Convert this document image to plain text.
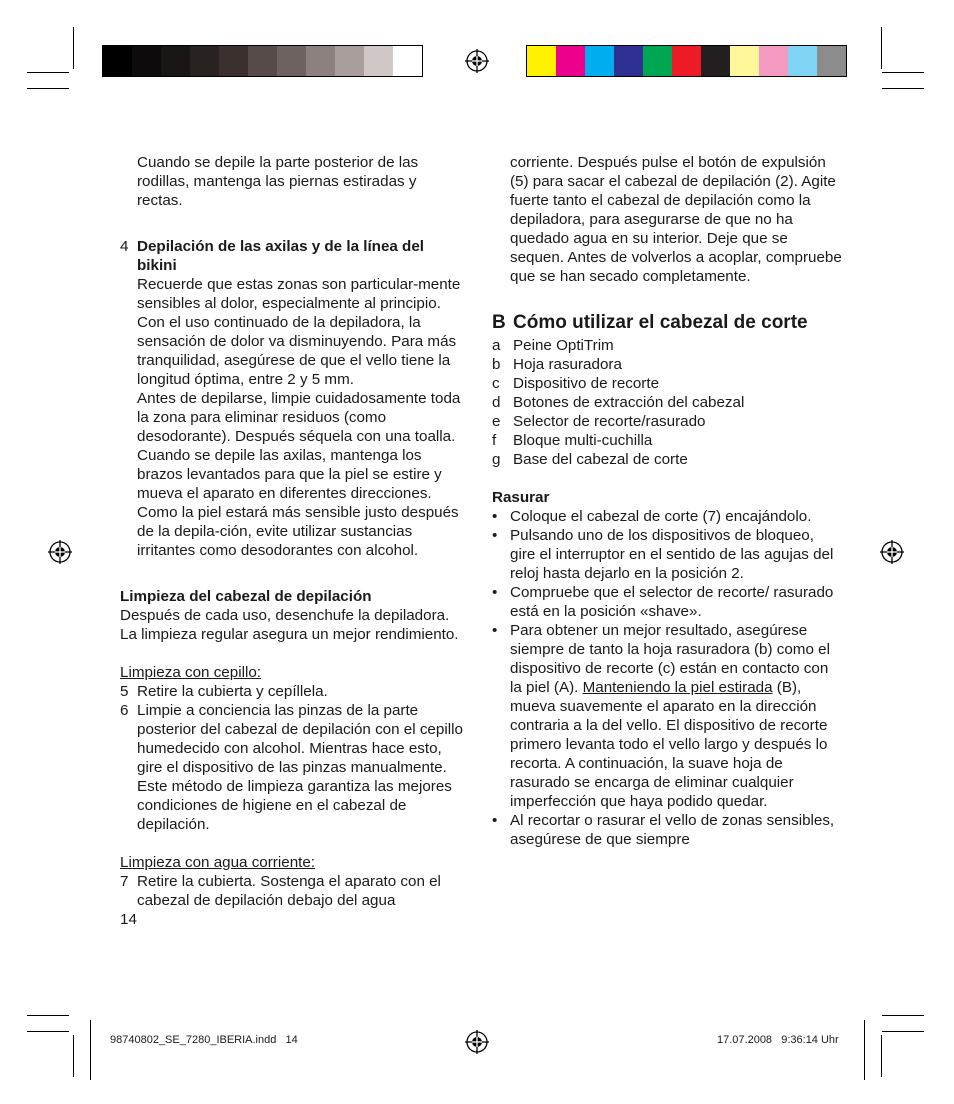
Cuando se depile la parte posterior de las rodillas, mantenga las piernas estiradas y rectas.

4 Depilación de las axilas y de la línea del bikini

Recuerde que estas zonas son particular-mente sensibles al dolor, especialmente al principio. Con el uso continuado de la depiladora, la sensación de dolor va disminuyendo. Para más tranquilidad, asegúrese de que el vello tiene la longitud óptima, entre 2 y 5 mm.

Antes de depilarse, limpie cuidadosamente toda la zona para eliminar residuos (como desodorante). Después séquela con una toalla. Cuando se depile las axilas, mantenga los brazos levantados para que la piel se estire y mueva el aparato en diferentes direcciones. Como la piel estará más sensible justo después de la depila-ción, evite utilizar sustancias irritantes como desodorantes con alcohol.

Limpieza del cabezal de depilación

Después de cada uso, desenchufe la depiladora. La limpieza regular asegura un mejor rendimiento.

Limpieza con cepillo:

5 Retire la cubierta y cepíllela.
6 Limpie a conciencia las pinzas de la parte posterior del cabezal de depilación con el cepillo humedecido con alcohol. Mientras hace esto, gire el dispositivo de las pinzas manualmente. Este método de limpieza garantiza las mejores condiciones de higiene en el cabezal de depilación.

Limpieza con agua corriente:

7 Retire la cubierta. Sostenga el aparato con el cabezal de depilación debajo del agua

14

corriente. Después pulse el botón de expulsión (5) para sacar el cabezal de depilación (2). Agite fuerte tanto el cabezal de depilación como la depiladora, para asegurarse de que no ha quedado agua en su interior. Deje que se sequen. Antes de volverlos a acoplar, compruebe que se han secado completamente.

B Cómo utilizar el cabezal de corte
a Peine OptiTrim
b Hoja rasuradora
c Dispositivo de recorte
d Botones de extracción del cabezal
e Selector de recorte/rasurado
f	Bloque multi-cuchilla
g Base del cabezal de corte

Rasurar

• Coloque el cabezal de corte (7) encajándolo.
• Pulsando uno de los dispositivos de bloqueo, gire el interruptor en el sentido de las agujas del reloj hasta dejarlo en la posición 2.
• Compruebe que el selector de recorte/ rasurado está en la posición «shave».
• Para obtener un mejor resultado, asegúrese siempre de tanto la hoja rasuradora (b) como el dispositivo de recorte (c) están en contacto con la piel (A). Manteniendo la piel estirada (B), mueva suavemente el aparato en la dirección contraria a la del vello. El dispositivo de recorte primero levanta todo el vello largo y después lo recorta. A continuación, la suave hoja de rasurado se encarga de eliminar cualquier imperfección que haya podido quedar.
• Al recortar o rasurar el vello de zonas sensibles, asegúrese de que siempre
98740802_SE_7280_IBERIA.indd   14	17.07.2008   9:36:14 Uhr
